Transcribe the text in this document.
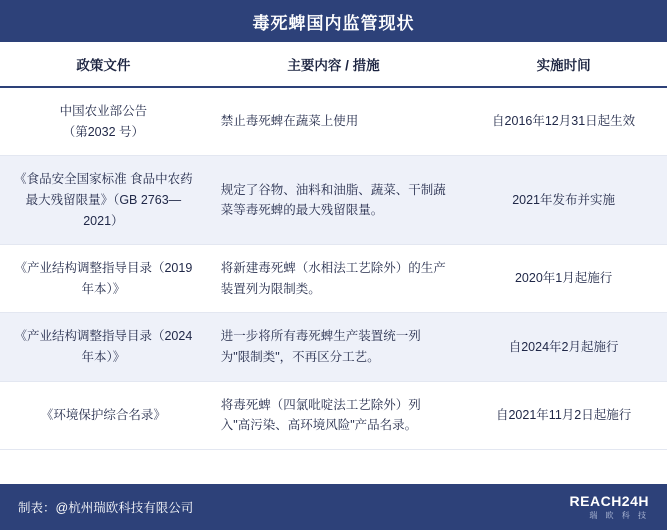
毒死蜱国内监管现状
政策文件	主要内容 / 措施	实施时间
中国农业部公告
（第2032 号）	禁止毒死蜱在蔬菜上使用	自2016年12月31日起生效
《食品安全国家标准 食品中农药最大残留限量》（GB 2763—2021）	规定了谷物、油料和油脂、蔬菜、干制蔬菜等毒死蜱的最大残留限量。	2021年发布并实施
《产业结构调整指导目录（2019年本）》	将新建毒死蜱（水相法工艺除外）的生产装置列为限制类。	2020年1月起施行
《产业结构调整指导目录（2024年本）》	进一步将所有毒死蜱生产装置统一列为"限制类"，不再区分工艺。	自2024年2月起施行
《环境保护综合名录》	将毒死蜱（四氯吡啶法工艺除外）列入"高污染、高环境风险"产品名录。	自2021年11月2日起施行
制表：@杭州瑞欧科技有限公司	REACH24H
瑞 欧 科 技
